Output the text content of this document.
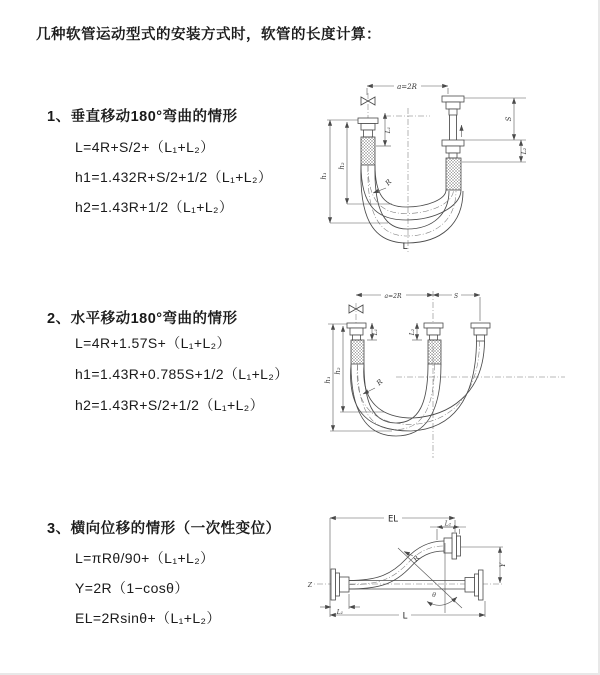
几种软管运动型式的安装方式时，软管的长度计算：
1、垂直移动180°弯曲的情形
L=4R+S/2+（L₁+L₂）
h1=1.432R+S/2+1/2（L₁+L₂）
h2=1.43R+1/2（L₁+L₂）
2、水平移动180°弯曲的情形
L=4R+1.57S+（L₁+L₂）
h1=1.43R+0.785S+1/2（L₁+L₂）
h2=1.43R+S/2+1/2（L₁+L₂）
3、横向位移的情形（一次性变位）
L=πRθ/90+（L₁+L₂）
Y=2R（1−cosθ）
EL=2Rsinθ+（L₁+L₂）
a=2R
h₁
h₂
L₁
S
L₂
R
L
a=2R	S
L₁	L₂
h₁
h₂
R
Z
EL	L₂
Y
R
θ
L
L₁
